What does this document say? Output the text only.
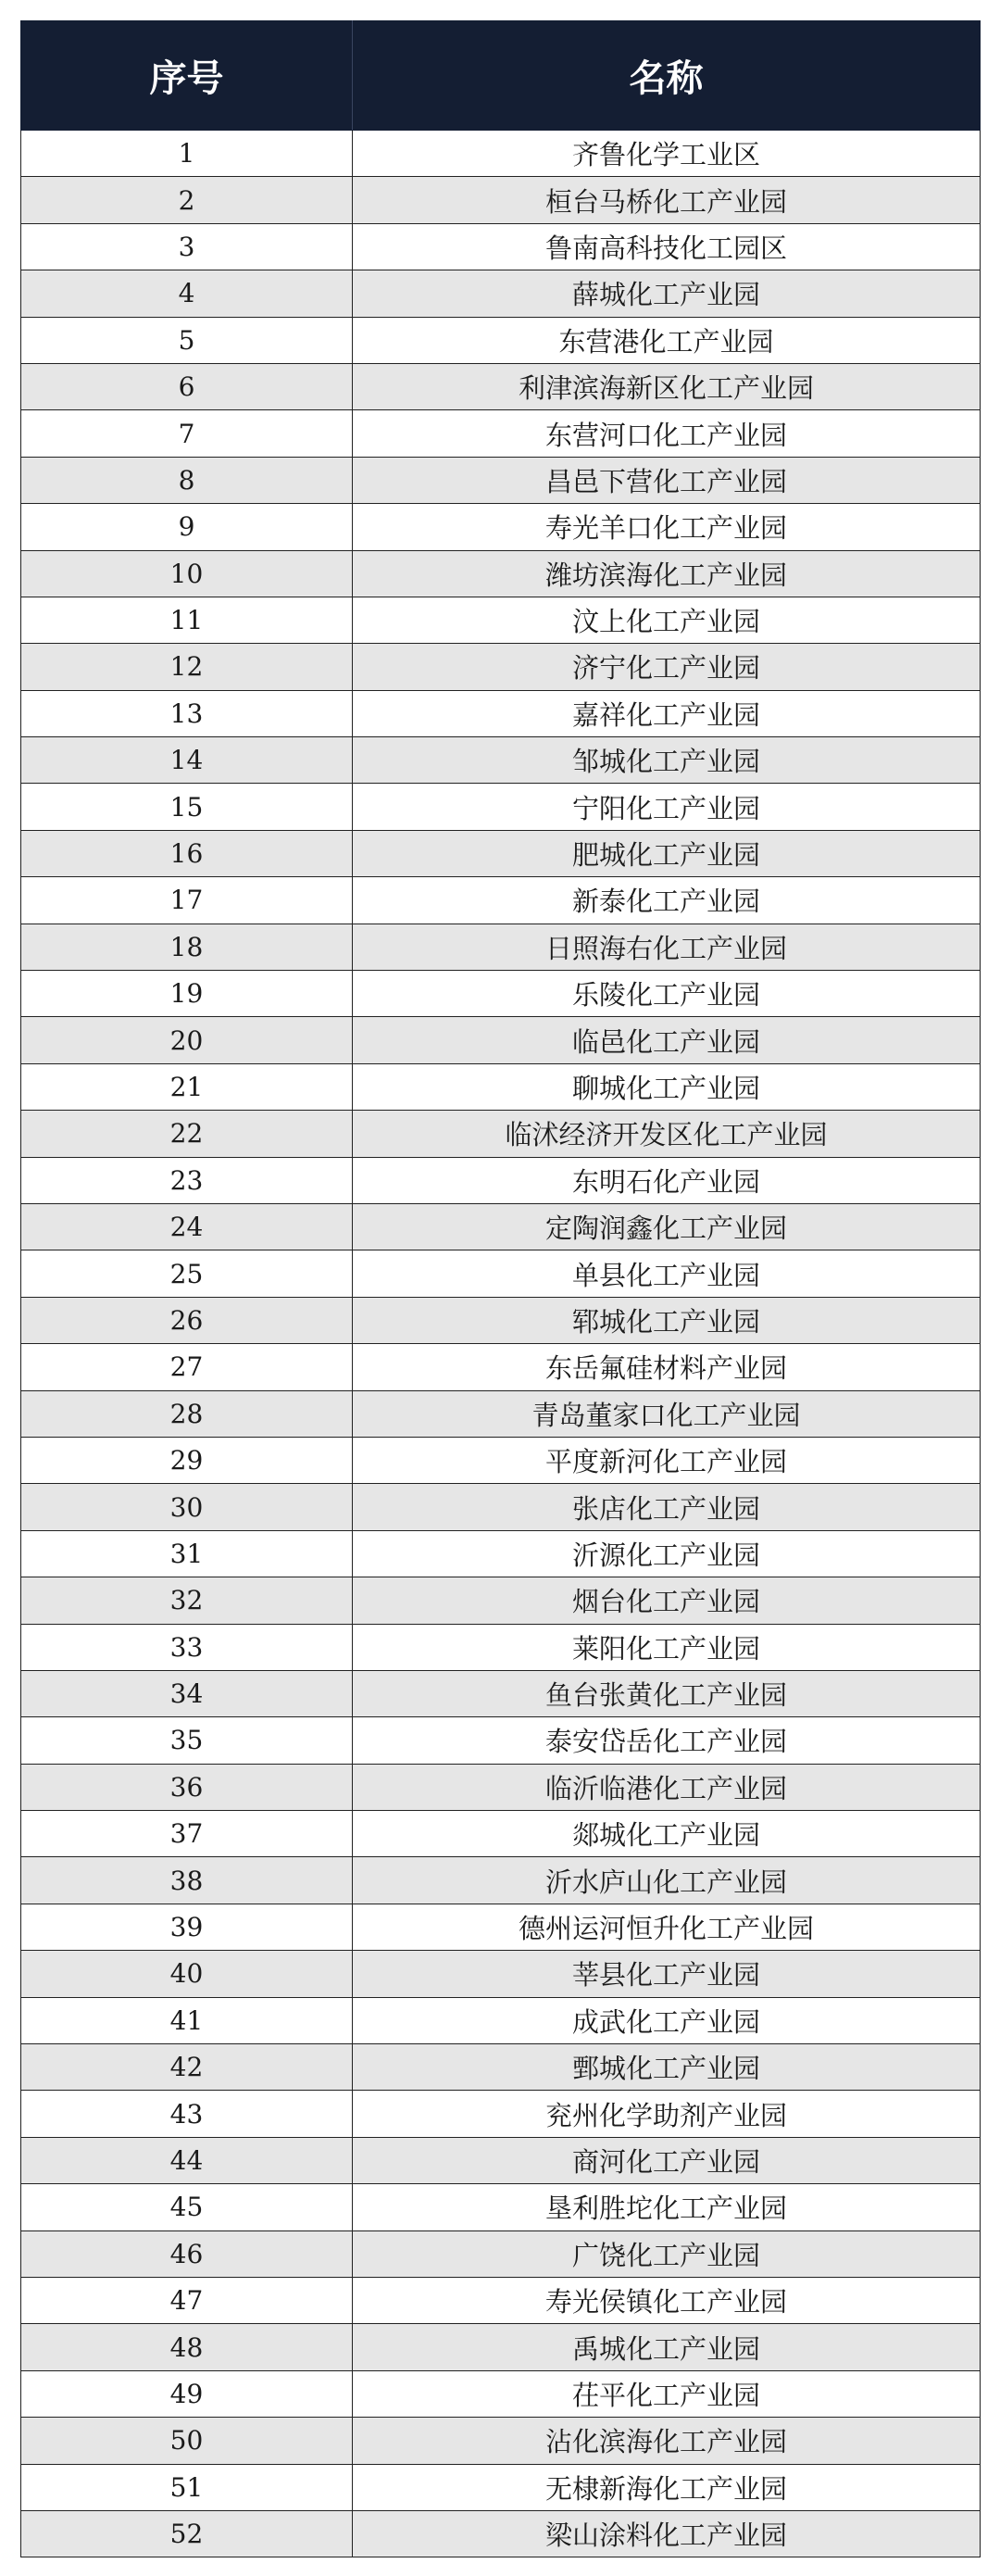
序号	名称
1	齐鲁化学工业区
2	桓台马桥化工产业园
3	鲁南高科技化工园区
4	薛城化工产业园
5	东营港化工产业园
6	利津滨海新区化工产业园
7	东营河口化工产业园
8	昌邑下营化工产业园
9	寿光羊口化工产业园
10	潍坊滨海化工产业园
11	汶上化工产业园
12	济宁化工产业园
13	嘉祥化工产业园
14	邹城化工产业园
15	宁阳化工产业园
16	肥城化工产业园
17	新泰化工产业园
18	日照海右化工产业园
19	乐陵化工产业园
20	临邑化工产业园
21	聊城化工产业园
22	临沭经济开发区化工产业园
23	东明石化产业园
24	定陶润鑫化工产业园
25	单县化工产业园
26	郓城化工产业园
27	东岳氟硅材料产业园
28	青岛董家口化工产业园
29	平度新河化工产业园
30	张店化工产业园
31	沂源化工产业园
32	烟台化工产业园
33	莱阳化工产业园
34	鱼台张黄化工产业园
35	泰安岱岳化工产业园
36	临沂临港化工产业园
37	郯城化工产业园
38	沂水庐山化工产业园
39	德州运河恒升化工产业园
40	莘县化工产业园
41	成武化工产业园
42	鄄城化工产业园
43	兖州化学助剂产业园
44	商河化工产业园
45	垦利胜坨化工产业园
46	广饶化工产业园
47	寿光侯镇化工产业园
48	禹城化工产业园
49	茌平化工产业园
50	沾化滨海化工产业园
51	无棣新海化工产业园
52	梁山涂料化工产业园
